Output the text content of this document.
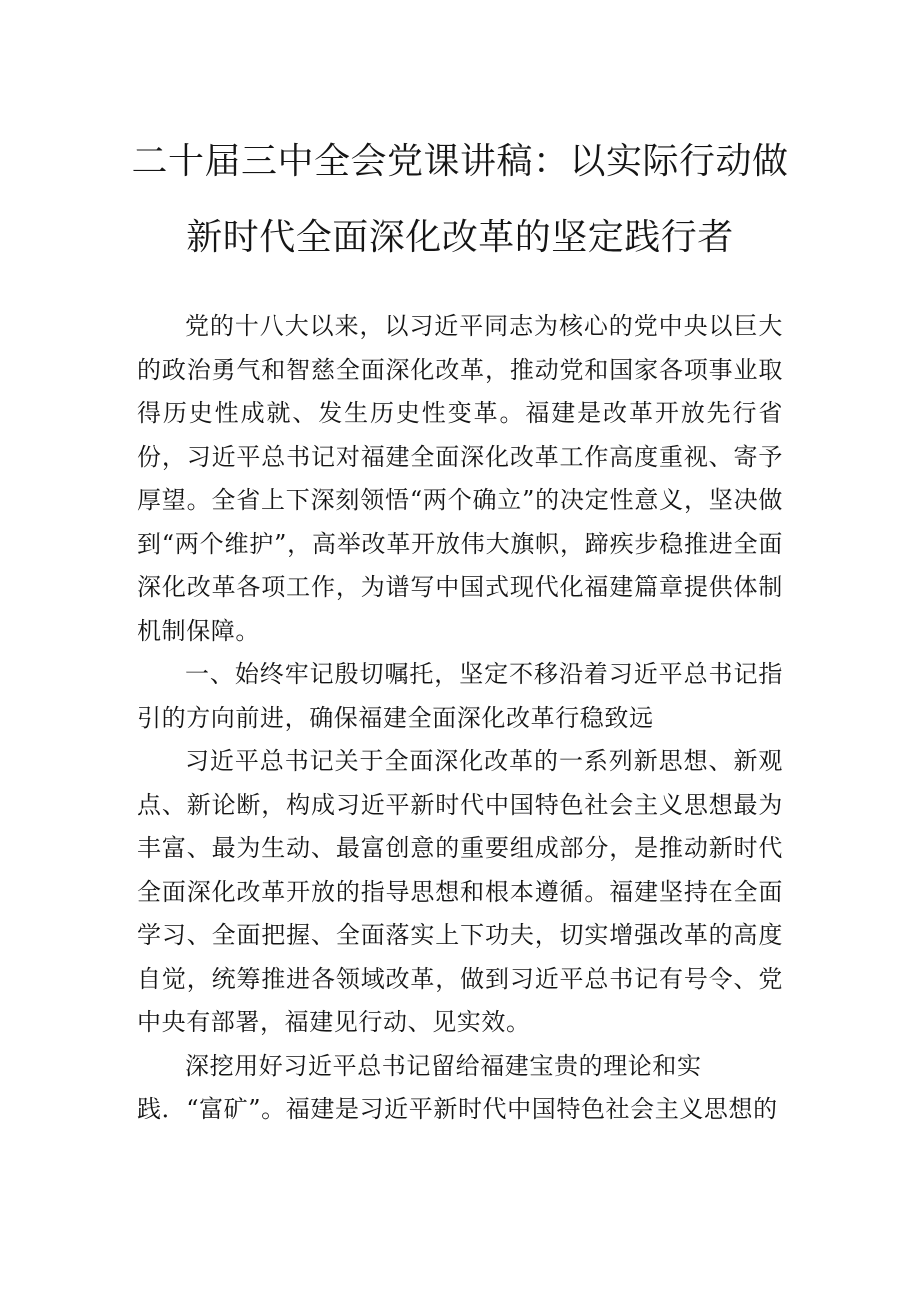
二十届三中全会党课讲稿：以实际行动做
新时代全面深化改革的坚定践行者

党的十八大以来，以习近平同志为核心的党中央以巨大的政治勇气和智慈全面深化改革，推动党和国家各项事业取得历史性成就、发生历史性变革。福建是改革开放先行省份，习近平总书记对福建全面深化改革工作高度重视、寄予厚望。全省上下深刻领悟“两个确立”的决定性意义，坚决做到“两个维护”，高举改革开放伟大旗帜，蹄疾步稳推进全面深化改革各项工作，为谱写中国式现代化福建篇章提供体制机制保障。

一、始终牢记殷切嘱托，坚定不移沿着习近平总书记指引的方向前进，确保福建全面深化改革行稳致远

习近平总书记关于全面深化改革的一系列新思想、新观点、新论断，构成习近平新时代中国特色社会主义思想最为丰富、最为生动、最富创意的重要组成部分，是推动新时代全面深化改革开放的指导思想和根本遵循。福建坚持在全面学习、全面把握、全面落实上下功夫，切实增强改革的高度自觉，统筹推进各领域改革，做到习近平总书记有号令、党中央有部署，福建见行动、见实效。

深挖用好习近平总书记留给福建宝贵的理论和实

践．“富矿”。福建是习近平新时代中国特色社会主义思想的
